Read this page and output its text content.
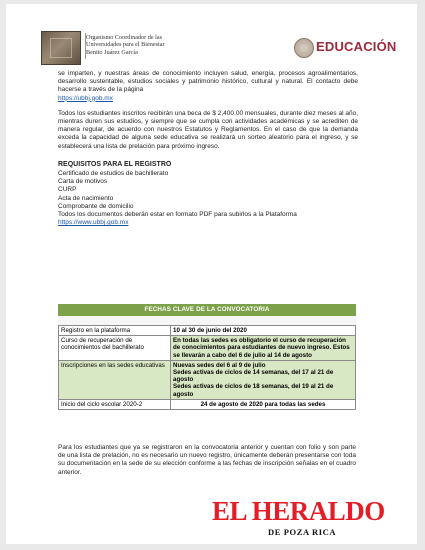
Organismo Coordinador de las
Universidades para el Bienestar
Benito Juárez García	EDUCACIÓN

se imparten, y nuestras áreas de conocimiento incluyen salud, energía, procesos agroalimentarios, desarrollo sustentable, estudios sociales y patrimonio histórico, cultural y natural. El contacto debe hacerse a través de la página
https://ubbj.gob.mx

Todos los estudiantes inscritos recibirán una beca de $ 2,400.00 mensuales, durante diez meses al año, mientras duren sus estudios, y siempre que se cumpla con actividades académicas y se acrediten de manera regular, de acuerdo con nuestros Estatutos y Reglamentos. En el caso de que la demanda exceda la capacidad de alguna sede educativa se realizará un sorteo aleatorio para el ingreso, y se establecerá una lista de prelación para próximo ingreso.

REQUISITOS PARA EL REGISTRO
Certificado de estudios de bachillerato
Carta de motivos
CURP
Acta de nacimiento
Comprobante de domicilio
Todos los documentos deberán estar en formato PDF para subirlos a la Plataforma
https://www.ubbj.gob.mx
FECHAS CLAVE DE LA CONVOCATORIA
Registro en la plataforma	10 al 30 de junio del 2020
Curso de recuperación de conocimientos del bachillerato	En todas las sedes es obligatorio el curso de recuperación de conocimientos para estudiantes de nuevo ingreso. Estos se llevarán a cabo del 6 de julio al 14 de agosto
Inscripciones en las sedes educativas	Nuevas sedes del 6 al 9 de julio
Sedes activas de ciclos de 14 semanas, del 17 al 21 de agosto
Sedes activas de ciclos de 18 semanas, del 19 al 21 de agosto
Inicio del ciclo escolar 2020-2	24 de agosto de 2020 para todas las sedes
Para los estudiantes que ya se registraron en la convocatoria anterior y cuentan con folio y son parte de una lista de prelación, no es necesario un nuevo registro, únicamente deberán presentarse con toda su documentación en la sede de su elección conforme a las fechas de inscripción señalas en el cuadro anterior.
EL HERALDO
DE POZA RICA
